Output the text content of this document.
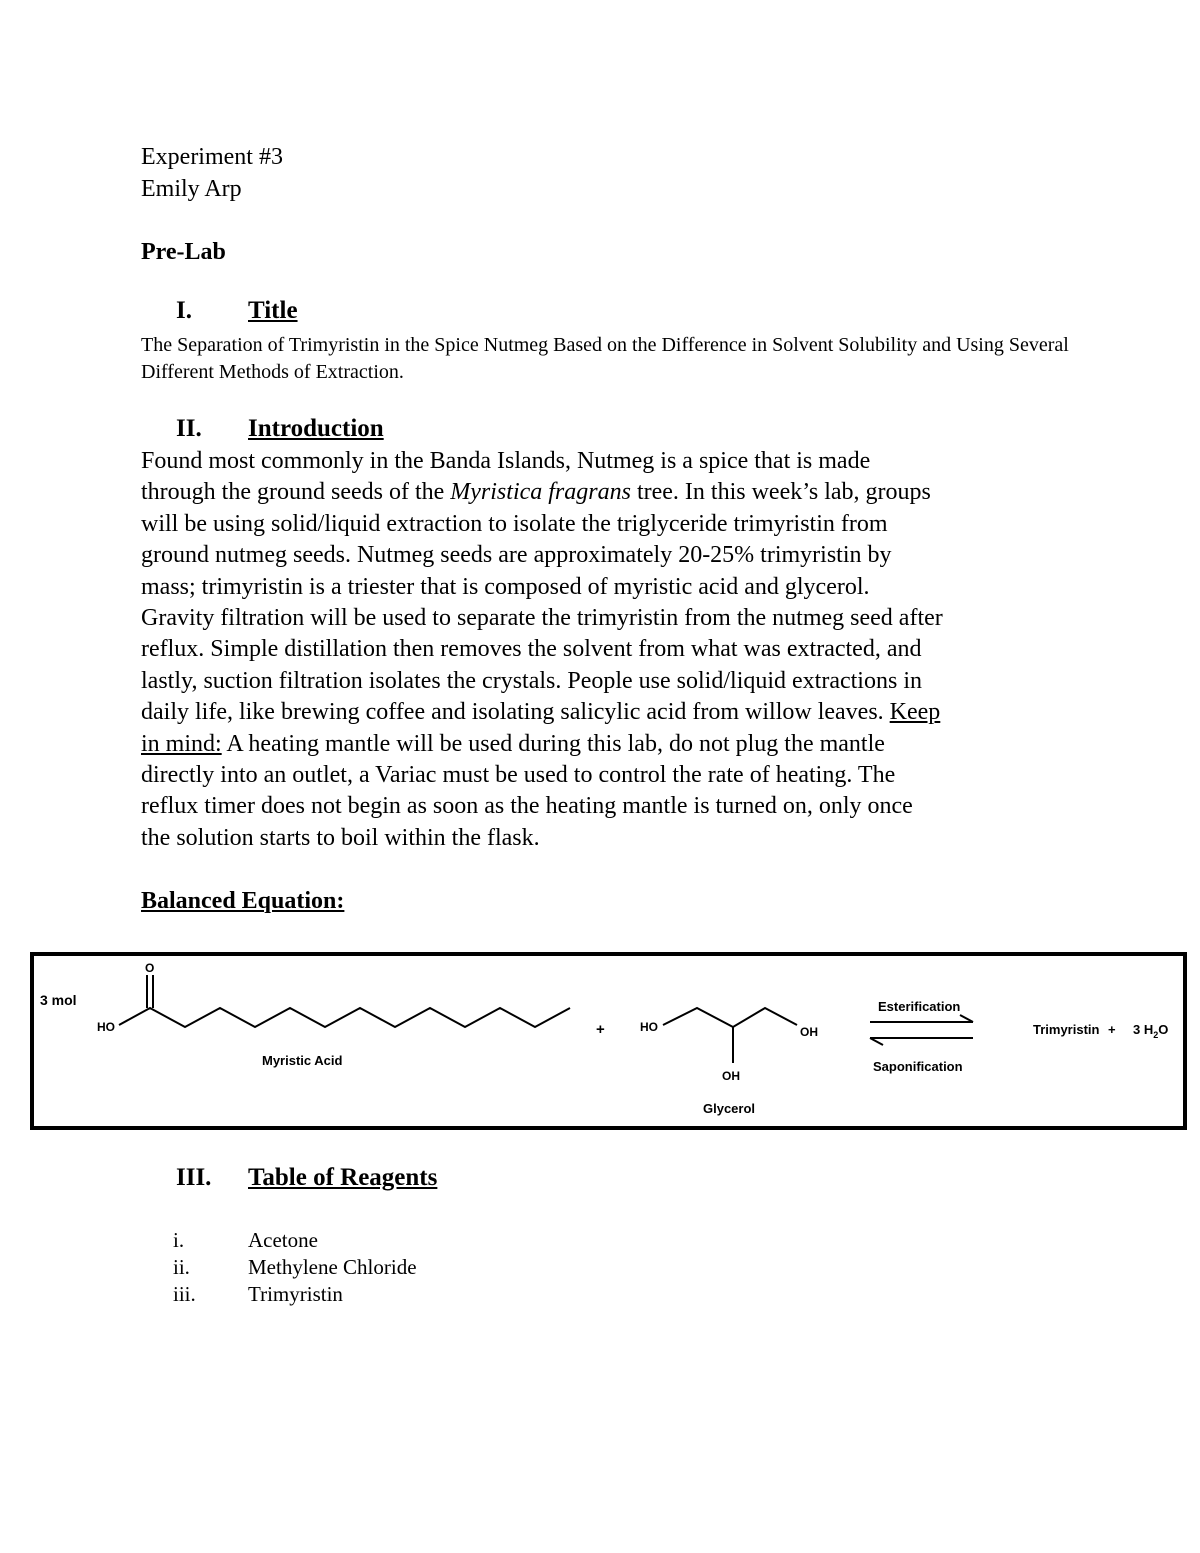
Experiment #3
Emily Arp
Pre-Lab
I. Title
The Separation of Trimyristin in the Spice Nutmeg Based on the Difference in Solvent Solubility and Using Several Different Methods of Extraction.
II. Introduction
Found most commonly in the Banda Islands, Nutmeg is a spice that is made
through the ground seeds of the Myristica fragrans tree. In this week’s lab, groups
will be using solid/liquid extraction to isolate the triglyceride trimyristin from
ground nutmeg seeds. Nutmeg seeds are approximately 20-25% trimyristin by
mass; trimyristin is a triester that is composed of myristic acid and glycerol.
Gravity filtration will be used to separate the trimyristin from the nutmeg seed after
reflux. Simple distillation then removes the solvent from what was extracted, and
lastly, suction filtration isolates the crystals. People use solid/liquid extractions in
daily life, like brewing coffee and isolating salicylic acid from willow leaves. Keep
in mind: A heating mantle will be used during this lab, do not plug the mantle
directly into an outlet, a Variac must be used to control the rate of heating. The
reflux timer does not begin as soon as the heating mantle is turned on, only once
the solution starts to boil within the flask.
Balanced Equation:
3 mol
O
HO
Myristic Acid
+	HO	OH
OH
Glycerol
Esterification
Saponification
Trimyristin + 3 $H_2O$
III. Table of Reagents
i.	Acetone
ii.	Methylene Chloride
iii.	Trimyristin
